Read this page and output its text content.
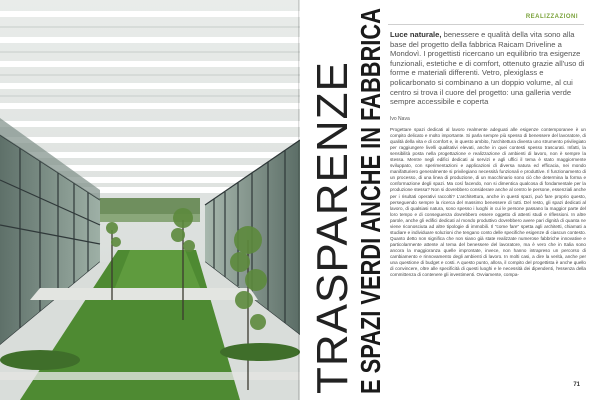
REALIZZAZIONI
TRASPARENZE
E SPAZI VERDI ANCHE IN FABBRICA Luce naturale, benessere e qualità della vita sono alla base del progetto della fabbrica Raicam Driveline a Mondovì. I progettisti ricercano un equilibrio tra esigenze funzionali, estetiche e di comfort, ottenuto grazie all'uso di forme e materiali differenti. Vetro, plexiglass e policarbonato si combinano a un doppio volume, al cui centro si trova il cuore del progetto: una galleria verde sempre accessibile e coperta
Ivo Nava
Progettare spazi dedicati al lavoro realmente adeguati alle esigenze contemporanee è un compito delicato e molto importante. Si parla sempre più spesso di benessere del lavoratore, di qualità della vita e di comfort e, in questo ambito, l'architettura diventa uno strumento privilegiato per raggiungere livelli qualitativi elevati, anche in quei contesti spesso trascurati. Infatti, la sensibilità posta nella progettazione e realizzazione di ambienti di lavoro, non è sempre la stessa. Mentre negli edifici dedicati ai servizi e agli uffici il tema è stato maggiormente sviluppato, con sperimentazioni e applicazioni di diversa natura ed efficacia, nei mondo manifatturiero generalmente si privilegiano necessità funzionali e produttive. Il funzionamento di un processo, di una linea di produzione, di un macchinario sono ciò che determina la forma e conformazione degli spazi. Ma così facendo, non si dimentica qualcosa di fondamentale per la produzione stessa? Non si dovrebbero considerare anche al centro le persone, essenziali anche per i risultati operativi raccolti? L'architettura, anche in questi spazi, può fare proprio questo, perseguendo sempre la ricerca del massimo benessere di tutti. Del resto, gli spazi dedicati al lavoro, di qualsiasi natura, sono spesso i luoghi in cui le persone passano la maggior parte del loro tempo e di conseguenza dovrebbero essere oggetto di attenti studi e riflessioni. In altre parole, anche gli edifici dedicati al mondo produttivo dovrebbero avere pari dignità di quanta ne viene riconosciuta ad altre tipologie di immobili. Il "come fare" spetta agli architetti, chiamati a studiare e individuare soluzioni che tengano conto delle specifiche esigenze di ciascun contesto. Quanto detto non significa che non siano già state realizzate numerose fabbriche innovative e particolarmente attente al tema del benessere del lavoratore, ma è vero che in Italia sono ancora la maggioranza quelle improntate, invece, non hanno intrapreso un percorso di cambiamento e rinnovamento degli ambienti di lavoro. In molti casi, a dire la verità, anche per una questione di budget e costi. A questo punto, allora, il compito del progettista è anche quello di convincere, oltre alle specificità di questi luoghi e le necessità dei dipendenti, l'essenza della committenza di contenere gli investimenti. Ovviamente, compa-
71
